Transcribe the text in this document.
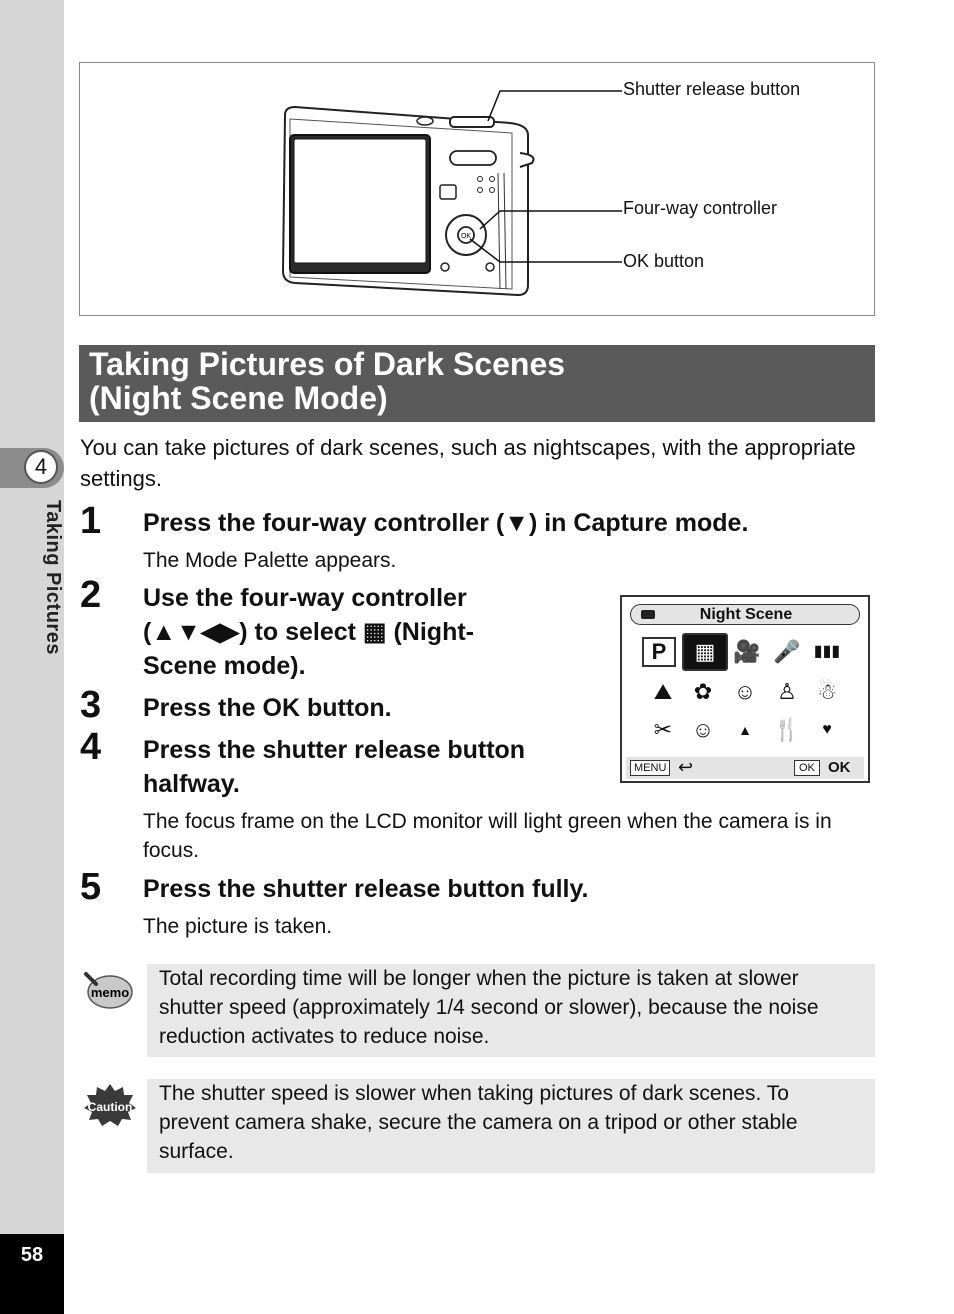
4
Taking Pictures
58
OK
Shutter release button
Four-way controller
OK button
Taking Pictures of Dark Scenes
(Night Scene Mode)
You can take pictures of dark scenes, such as nightscapes, with the appropriate settings.
1 Press the four-way controller (▼) in Capture mode.
The Mode Palette appears.
2 Use the four-way controller
(▲▼◀▶) to select ▦ (Night-
Scene mode).
3 Press the OK button.
4 Press the shutter release button
halfway.
The focus frame on the LCD monitor will light green when the camera is in focus.
5 Press the shutter release button fully.
The picture is taken.
Night Scene
P	▦ 🎥 🎤 ▮▮▮
⛰ ✿ ☺ ♙ ☃
✂ ☺	▲ 🍴	♥
MENU ↩	OK OK
memo
Total recording time will be longer when the picture is taken at slower shutter speed (approximately 1/4 second or slower), because the noise reduction activates to reduce noise.
Caution
The shutter speed is slower when taking pictures of dark scenes. To prevent camera shake, secure the camera on a tripod or other stable surface.
